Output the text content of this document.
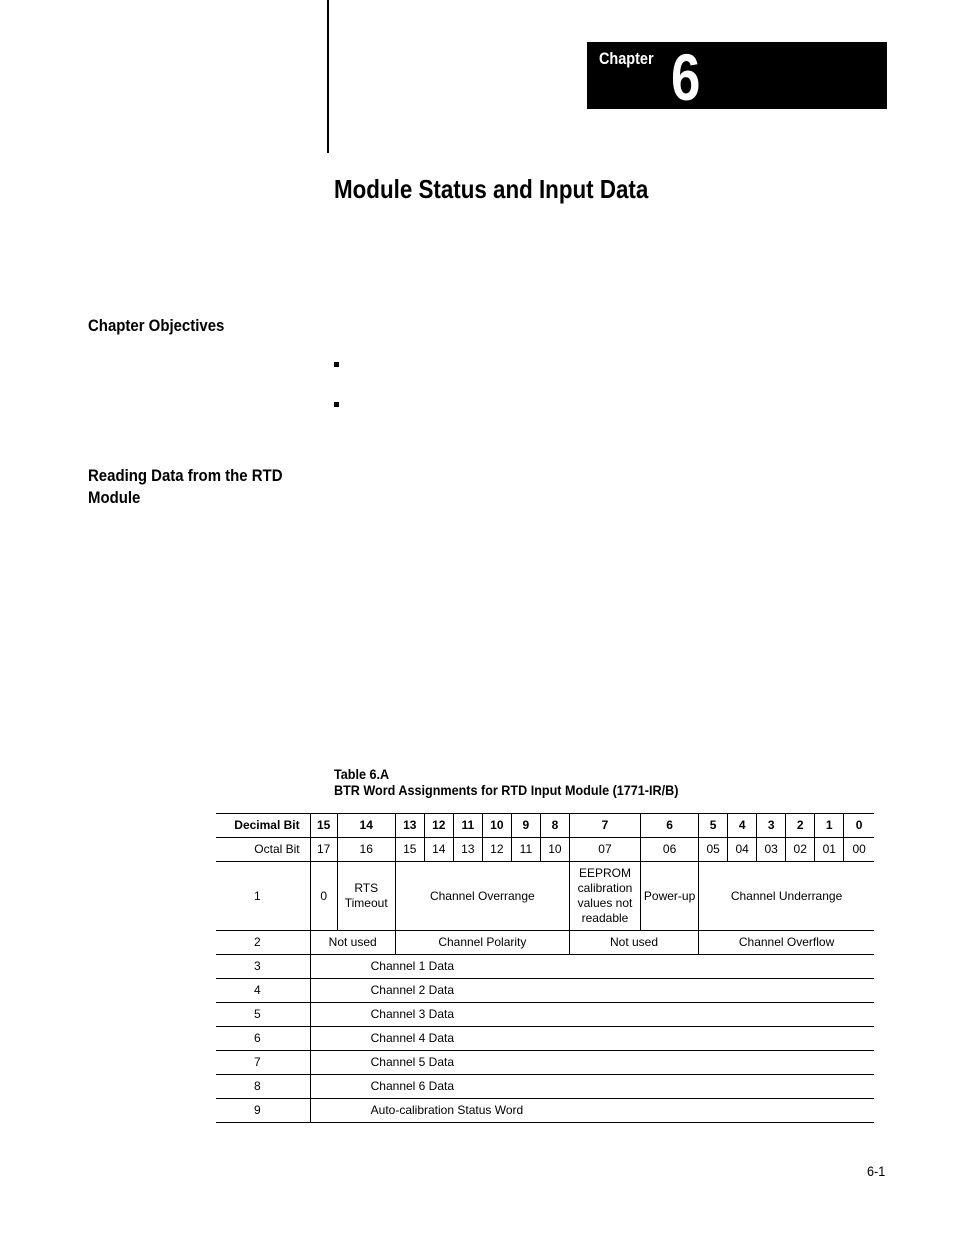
Chapter 6
Module Status and Input Data
Chapter Objectives
Reading Data from the RTD
Module
Table 6.A
BTR Word Assignments for RTD Input Module (1771-IR/B)
Decimal Bit	15	14	13	12	11	10	9	8	7	6	5	4	3	2	1	0
Octal Bit	17	16	15	14	13	12	11	10	07	06	05	04	03	02	01	00
1	0	RTS Timeout	Channel Overrange						EEPROM calibration values not readable	Power-up	Channel Underrange					
2	Not used		Channel Polarity						Not used		Channel Overflow					
3	Channel 1 Data															
4	Channel 2 Data															
5	Channel 3 Data															
6	Channel 4 Data															
7	Channel 5 Data															
8	Channel 6 Data															
9	Auto-calibration Status Word															
6-1
